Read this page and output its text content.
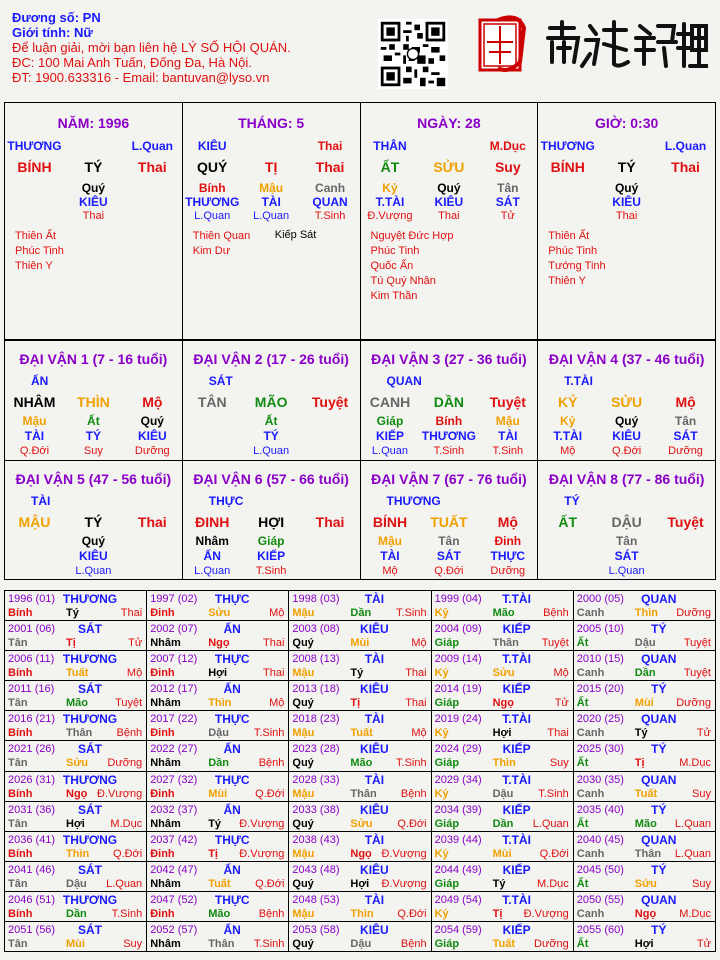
Đương số: PN
Giới tính: Nữ
Để luận giải, mời bạn liên hệ LÝ SỐ HỘI QUÁN.
ĐC: 100 Mai Anh Tuấn, Đống Đa, Hà Nội.
ĐT: 1900.633316 - Email: bantuvan@lyso.vn
NĂM: 1996
THƯƠNG	L.Quan
BÍNH	TÝ	Thai
Quý
KIÊU
Thai
Thiên Ất
Phúc Tinh
Thiên Y
THÁNG: 5
KIÊU	Thai
QUÝ	TỊ	Thai
Bính	Mậu	Canh
THƯƠNG	TÀI	QUAN
L.Quan	L.Quan	T.Sinh
Thiên Quan
Kim Dư
Kiếp Sát
NGÀY: 28
THÂN	M.Dục
ẤT	SỬU	Suy
Kỷ	Quý	Tân
T.TÀI	KIÊU	SÁT
Đ.Vượng	Thai	Tử
Nguyệt Đức Hợp
Phúc Tinh
Quốc Ấn
Tú Quý Nhân
Kim Thần
GIỜ: 0:30
THƯƠNG	L.Quan
BÍNH	TÝ	Thai
Quý
KIÊU
Thai
Thiên Ất
Phúc Tinh
Tướng Tinh
Thiên Y
ĐẠI VẬN 1 (7 - 16 tuổi)
ẤN
NHÂM	THÌN	Mộ
Mậu	Ất	Quý
TÀI	TÝ	KIÊU
Q.Đới	Suy	Dưỡng
ĐẠI VẬN 2 (17 - 26 tuổi)
SÁT
TÂN	MÃO	Tuyệt
Ất
TÝ
L.Quan
ĐẠI VẬN 3 (27 - 36 tuổi)
QUAN
CANH	DẦN	Tuyệt
Giáp	Bính	Mậu
KIẾP	THƯƠNG	TÀI
L.Quan	T.Sinh	T.Sinh
ĐẠI VẬN 4 (37 - 46 tuổi)
T.TÀI
KỶ	SỬU	Mộ
Kỷ	Quý	Tân
T.TÀI	KIÊU	SÁT
Mộ	Q.Đới	Dưỡng
ĐẠI VẬN 5 (47 - 56 tuổi)
TÀI
MẬU	TÝ	Thai
Quý
KIÊU
L.Quan
ĐẠI VẬN 6 (57 - 66 tuổi)
THỰC
ĐINH	HỢI	Thai
Nhâm	Giáp
ẤN	KIẾP
L.Quan	T.Sinh
ĐẠI VẬN 7 (67 - 76 tuổi)
THƯƠNG
BÍNH	TUẤT	Mộ
Mậu	Tân	Đinh
TÀI	SÁT	THỰC
Mộ	Q.Đới	Dưỡng
ĐẠI VẬN 8 (77 - 86 tuổi)
TÝ
ẤT	DẬU	Tuyệt
Tân
SÁT
L.Quan
1996 (01) THƯƠNG
Bính	Tý	Thai
1997 (02)	THỰC
Đinh	Sửu	Mộ
1998 (03)	TÀI
Mậu	Dần T.Sinh
1999 (04)	T.TÀI
Kỷ	Mão	Bệnh
2000 (05)	QUAN
Canh	Thìn Dưỡng
2001 (06)	SÁT
Tân	Tị	Tử
2002 (07)	ẤN
Nhâm Ngọ	Thai
2003 (08)	KIÊU
Quý	Mùi	Mộ
2004 (09)	KIẾP
Giáp	Thân Tuyệt
2005 (10)	TÝ
Ất	Dậu	Tuyệt
2006 (11) THƯƠNG
Bính	Tuất	Mộ
2007 (12)	THỰC
Đinh	Hợi	Thai
2008 (13)	TÀI
Mậu	Tý	Thai
2009 (14)	T.TÀI
Kỷ	Sửu	Mộ
2010 (15)	QUAN
Canh	Dần	Tuyệt
2011 (16)	SÁT
Tân	Mão Tuyệt
2012 (17)	ẤN
Nhâm Thìn	Mộ
2013 (18)	KIÊU
Quý	Tị	Thai
2014 (19)	KIẾP
Giáp	Ngọ	Tử
2015 (20)	TÝ
Ất	Mùi Dưỡng
2016 (21) THƯƠNG
Bính	Thân Bệnh
2017 (22)	THỰC
Đinh	Dậu T.Sinh
2018 (23)	TÀI
Mậu	Tuất	Mộ
2019 (24)	T.TÀI
Kỷ	Hợi	Thai
2020 (25)	QUAN
Canh	Tý	Tử
2021 (26)	SÁT
Tân	Sửu Dưỡng
2022 (27)	ẤN
Nhâm Dần	Bệnh
2023 (28)	KIÊU
Quý	Mão T.Sinh
2024 (29)	KIẾP
Giáp	Thìn	Suy
2025 (30)	TÝ
Ất	Tị	M.Dục
2026 (31) THƯƠNG
Bính	Ngọ Đ.Vượng
2027 (32)	THỰC
Đinh	Mùi	Q.Đới
2028 (33)	TÀI
Mậu	Thân Bệnh
2029 (34)	T.TÀI
Kỷ	Dậu T.Sinh
2030 (35)	QUAN
Canh	Tuất	Suy
2031 (36)	SÁT
Tân	Hợi M.Dục
2032 (37)	ẤN
Nhâm Tý Đ.Vượng
2033 (38)	KIÊU
Quý	Sửu Q.Đới
2034 (39)	KIẾP
Giáp	Dần L.Quan
2035 (40)	TÝ
Ất	Mão L.Quan
2036 (41) THƯƠNG
Bính	Thìn Q.Đới
2037 (42)	THỰC
Đinh	Tị Đ.Vượng
2038 (43)	TÀI
Mậu	Ngọ Đ.Vượng
2039 (44)	T.TÀI
Kỷ	Mùi	Q.Đới
2040 (45)	QUAN
Canh	Thân L.Quan
2041 (46)	SÁT
Tân	Dậu L.Quan
2042 (47)	ẤN
Nhâm Tuất Q.Đới
2043 (48)	KIÊU
Quý	Hợi Đ.Vượng
2044 (49)	KIẾP
Giáp	Tý	M.Dục
2045 (50)	TÝ
Ất	Sửu	Suy
2046 (51) THƯƠNG
Bính	Dần T.Sinh
2047 (52)	THỰC
Đinh	Mão	Bệnh
2048 (53)	TÀI
Mậu	Thìn Q.Đới
2049 (54)	T.TÀI
Kỷ	Tị Đ.Vượng
2050 (55)	QUAN
Canh	Ngọ M.Dục
2051 (56)	SÁT
Tân	Mùi	Suy
2052 (57)	ẤN
Nhâm Thân T.Sinh
2053 (58)	KIÊU
Quý	Dậu	Bệnh
2054 (59)	KIẾP
Giáp	Tuất Dưỡng
2055 (60)	TÝ
Ất	Hợi	Tử
